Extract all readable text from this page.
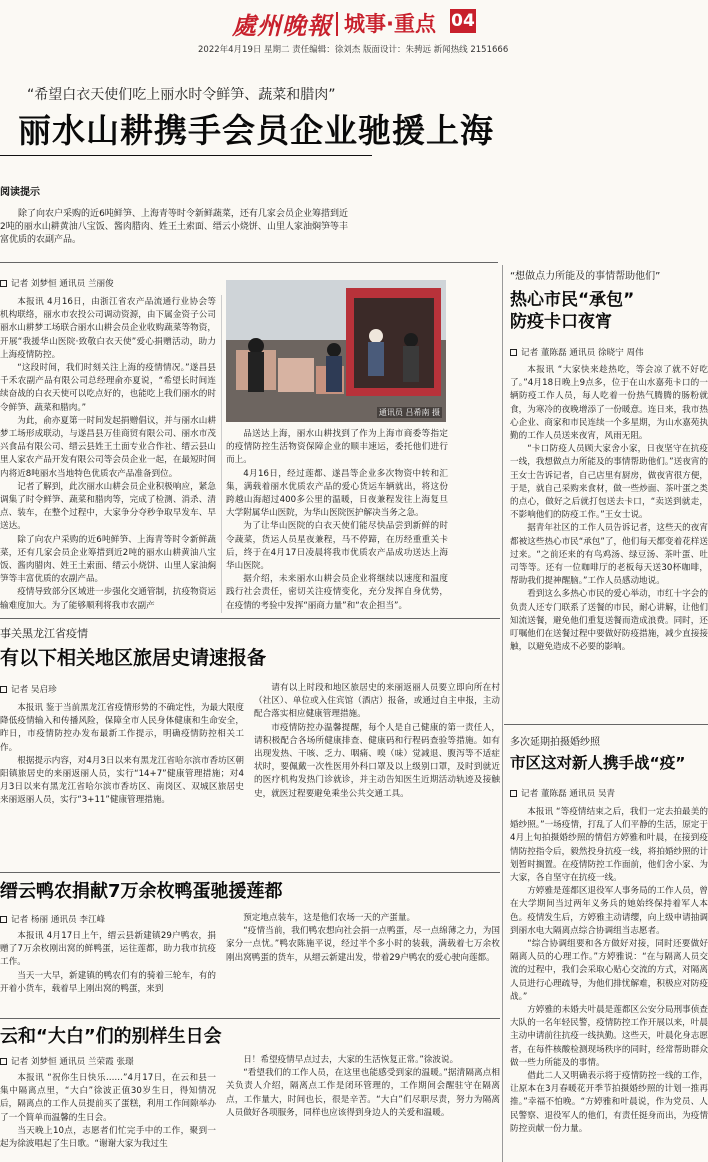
處州晚報 城事·重点 04
2022年4月19日 星期二 责任编辑：徐刘杰 版面设计：朱骋远 新闻热线 2151666
“希望白衣天使们吃上丽水时令鲜笋、蔬菜和腊肉”
丽水山耕携手会员企业驰援上海
阅读提示

除了向农户采购的近6吨鲜笋、上海青等时令新鲜蔬菜，还有几家会员企业筹措到近2吨的丽水山耕黄油八宝饭、酱肉腊肉、姓王土索面、缙云小烧饼、山里人家油焖笋等丰富优质的农副产品。

记者 刘梦恒 通讯员 兰丽俊

本报讯 4月16日，由浙江省农产品流通行业协会等机构联络，丽水市农投公司调动资源，由下属金资子公司丽水山耕梦工场联合丽水山耕会员企业收购蔬菜等物资，开展“我援华山医院·致敬白衣天使”爱心捐赠活动，助力上海疫情防控。

“这段时间，我们时刻关注上海的疫情情况。”遂昌县千禾农副产品有限公司总经理俞亦夏说，“希望长时间连续奋战的白衣天使可以吃点好的，也能吃上我们丽水的时令鲜笋、蔬菜和腊肉。”

为此，俞亦夏第一时间发起捐赠倡议，并与丽水山耕梦工场形成联动，与遂昌县万佳商贸有限公司、丽水市茂兴食品有限公司、缙云县姓王土面专业合作社、缙云县山里人家农产品开发有限公司等会员企业一起，在最短时间内将近8吨丽水当地特色优质农产品准备到位。

记者了解到，此次丽水山耕会员企业积极响应，紧急调集了时令鲜笋、蔬菜和腊肉等，完成了检测、消杀、清点、装车，在整个过程中，大家争分夺秒争取早发车、早送达。

除了向农户采购的近6吨鲜笋、上海青等时令新鲜蔬菜，还有几家会员企业筹措到近2吨的丽水山耕黄油八宝饭、酱肉腊肉、姓王土索面、缙云小烧饼、山里人家油焖笋等丰富优质的农副产品。

疫情导致部分区域进一步强化交通管制，抗疫物资运输难度加大。为了能够顺利将我市农副产

通讯员 吕希南 摄

品送达上海，丽水山耕找到了作为上海市商委等指定的疫情防控生活物资保障企业的顺丰速运，委托他们进行而上。

4月16日，经过莲都、遂昌等企业多次物资中转和汇集，满载着丽水优质农产品的爱心货运车辆就出，将这份跨越山海超过400多公里的温暖，日夜兼程发往上海复旦大学附属华山医院，为华山医院医护解决当务之急。

为了让华山医院的白衣天使们能尽快品尝到新鲜的时令蔬菜，货运人员星夜兼程，马不停蹄，在历经重重关卡后，终于在4月17日凌晨将我市优质农产品成功送达上海华山医院。

据介绍，未来丽水山耕会员企业将继续以速度和温度践行社会责任，密切关注疫情变化，充分发挥自身优势，在疫情的考验中发挥“丽商力量”和“农企担当”。

“想做点力所能及的事情帮助他们”
热心市民“承包”
防疫卡口夜宵
记者 董陈磊 通讯员 徐晓宁 周伟

本报讯 “大家快来趁热吃，等会凉了就不好吃了。”4月18日晚上9点多，位于在山水嘉苑卡口的一辆防疫工作人员，每人吃着一份热气腾腾的肠粉就食，为寒冷的夜晚增添了一份暖意。连日来，我市热心企业、商家和市民连续一个多星期，为山水嘉苑执勤的工作人员送来夜宵，风雨无阻。

“卡口防疫人员顾大家舍小家，日夜坚守在抗疫一线，我想做点力所能及的事情帮助他们。”送夜宵的王女士告诉记者，自己店里有厨房，做夜宵很方便，于是，就自己采购来食材，做一些炒面、茶叶蛋之类的点心，做好之后就打包送去卡口，“卖送到就走，不影响他们的防疫工作。”王女士说。

据青年社区的工作人员告诉记者，这些天的夜宵都被这些热心市民“承包”了，他们每天都变着花样送过来。“之前还来的有鸟鸡汤、绿豆汤、茶叶蛋、吐司等等。还有一位咖啡厅的老板每天送30杯咖啡，帮助我们提神醒脑。”工作人员感动地说。

看到这么多热心市民的爱心举动，市红十字会的负责人还专门联系了送餐的市民，耐心讲解，让他们知流送餐，避免他们重复送餐而造成浪费。同时，还叮嘱他们在送餐过程中要做好防疫措施，减少直接接触，以避免造成不必要的影响。

多次延期拍摄婚纱照
市区这对新人携手战“疫”
记者 董陈磊 通讯员 吴青

本报讯 “等疫情结束之后，我们一定去拍最美的婚纱照。”一场疫情，打乱了人们平静的生活，原定于4月上旬拍摄婚纱照的情侣方婷雅和叶晨，在接到疫情防控指令后，毅然投身抗疫一线，将拍婚纱照的计划暂时搁置。在疫情防控工作面前，他们舍小家、为大家，各自坚守在抗疫一线。

方婷雅是莲都区退役军人事务局的工作人员，曾在大学期间当过两年义务兵的她始终保持着军人本色。疫情发生后，方婷雅主动请缨，向上级申请抽调到丽水电大隔离点综合协调组当志愿者。

“综合协调组要和各方做好对接，同时还要做好隔离人员的心理工作。”方婷雅说：“在与隔离人员交流的过程中，我们会采取心贴心交流的方式，对隔离人员进行心理疏导，为他们排忧解难，积极应对防疫战。”

方婷雅的未婚夫叶晨是莲都区公安分局刑事侦查大队的一名年轻民警，疫情防控工作开展以来，叶晨主动申请前往抗疫一线执勤。这些天，叶晨化身志愿者，在每件核酸检测现场秩序的同时，经常帮助群众做一些力所能及的事情。

借此二人又明确表示将于疫情防控一线的工作，让原本在3月春暖花开季节拍摄婚纱照的计划一推再推。”幸福不怕晚。“方婷雅和叶晨说，作为党员、人民警察、退役军人的他们，有责任挺身而出，为疫情防控贡献一份力量。

事关黑龙江省疫情
有以下相关地区旅居史请速报备
记者 吴启珍

本报讯 鉴于当前黑龙江省疫情形势的不确定性，为最大限度降低疫情输入和传播风险，保障全市人民身体健康和生命安全，昨日，市疫情防控办发布最新工作提示，明确疫情防控相关工作。

根据提示内容，对4月3日以来有黑龙江省哈尔滨市香坊区朝阳镇旅居史的来丽返丽人员，实行“14+7”健康管理措施；对4月3日以来有黑龙江省哈尔滨市香坊区、南岗区、双城区旅居史来丽返丽人员，实行“3+11”健康管理措施。

请有以上时段和地区旅居史的来丽返丽人员要立即向所在村（社区）、单位或入住宾馆（酒店）报备，或通过自主申报，主动配合落实相应健康管理措施。

市疫情防控办温馨提醒，每个人是自己健康的第一责任人，请积极配合各场所健康排查、健康码和行程码查验等措施。如有出现发热、干咳、乏力、咽痛、嗅（味）觉减退、腹泻等不适症状时，要佩戴一次性医用外科口罩及以上级别口罩，及时到就近的医疗机构发热门诊就诊，并主动告知医生近期活动轨迹及接触史，就医过程要避免乘坐公共交通工具。

缙云鸭农捐献7万余枚鸭蛋驰援莲都
记者 杨丽 通讯员 李江峰

本报讯 4月17日上午，缙云县新建镇29户鸭农，捐赠了7万余枚刚出窝的鲜鸭蛋，运往莲都，助力我市抗疫工作。

当天一大早，新建镇的鸭农们有的骑着三轮车，有的开着小货车，载着早上刚出窝的鸭蛋，来到

预定地点装车，这是他们农场一天的产蛋量。

“疫情当前，我们鸭农想向社会捐一点鸭蛋，尽一点绵薄之力，为国家分一点忧。”鸭农陈施平说，经过半个多小时的装载，满载着七万余枚刚出窝鸭蛋的货车，从缙云新建出发，带着29户鸭农的爱心驶向莲都。

云和“大白”们的别样生日会
记者 刘梦恒 通讯员 兰荣霞 张璟

本报讯 “祝你生日快乐……”4月17日，在云和县一集中隔离点里，“大白”徐波正值30岁生日，得知情况后，隔离点的工作人员提前买了蛋糕，利用工作间隙举办了一个简单而温馨的生日会。

当天晚上10点，志愿者们忙完手中的工作，聚到一起为徐波唱起了生日歌。“谢谢大家为我过生

日！希望疫情早点过去，大家的生活恢复正常。”徐波说。

“看望我们的工作人员，在这里也能感受到家的温暖。”据清隔离点相关负责人介绍，隔离点工作是闭环管理的，工作期间会醒驻守在隔离点，工作量大，时间也长，很是辛苦。“大白”们尽职尽责，努力为隔离人员做好各项服务，同样也应该得到身边人的关爱和温暖。
